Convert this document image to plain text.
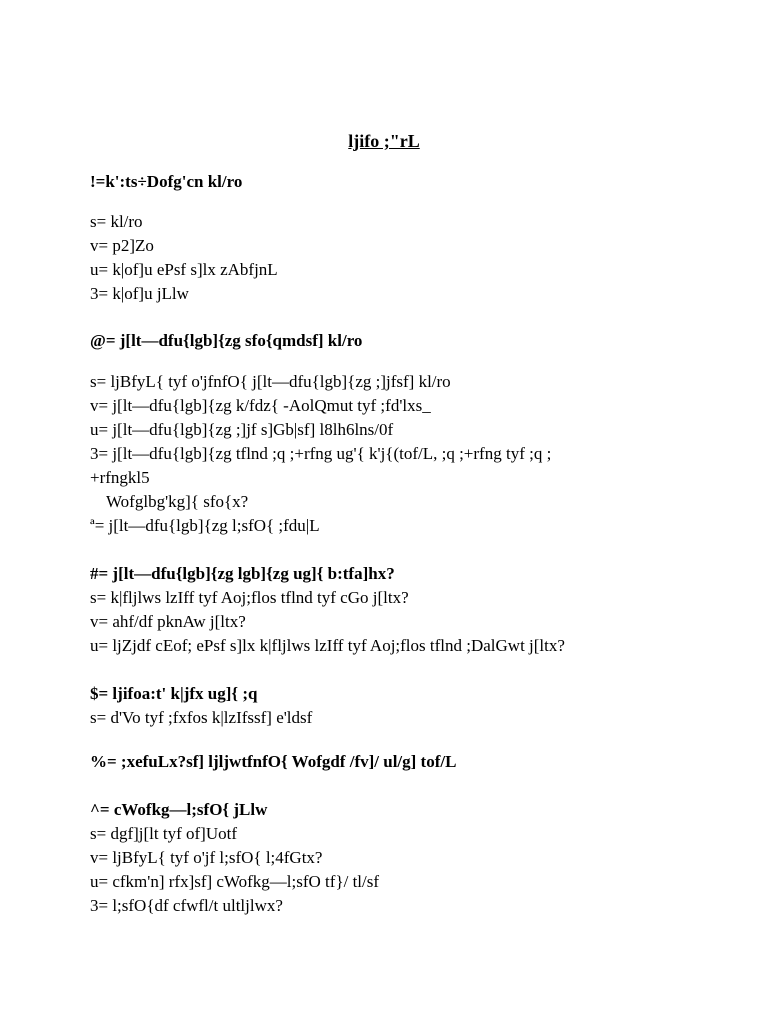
ljifo ;"rL
!=k':ts÷Dofg'cn kl/ro
s= kl/ro
v= p2]Zo
u= k|of]u ePsf s]lx zAbfjnL
3= k|of]u jLlw
@= j[lt—dfu{lgb]{zg sfo{qmdsf] kl/ro
s= ljBfyL{ tyf o'jfnfO{ j[lt—dfu{lgb]{zg ;]jfsf] kl/ro
v= j[lt—dfu{lgb]{zg k/fdz{ -AolQmut tyf ;fd'lxs_
u= j[lt—dfu{lgb]{zg ;]jf s]Gb|sf] l8lh6lns/0f
3= j[lt—dfu{lgb]{zg tflnd ;q ;+rfng ug'{ k'j{(tof/L, ;q ;+rfng tyf ;q ;
+rfngkl5
Wofglbg'kg]{ sfo{x?
ª= j[lt—dfu{lgb]{zg l;sfO{ ;fdu|L
#= j[lt—dfu{lgb]{zg lgb]{zg ug]{ b:tfa]hx?
s= k|fljlws lzIff tyf Aoj;flos tflnd tyf cGo j[ltx?
v= ahf/df pknAw j[ltx?
u= ljZjdf cEof; ePsf s]lx k|fljlws lzIff tyf Aoj;flos tflnd ;DalGwt j[ltx?
$= ljifoa:t' k|jfx ug]{ ;q
s= d'Vo tyf ;fxfos k|lzIfssf] e'ldsf
%= ;xefuLx?sf] ljljwtfnfO{ Wofgdf /fv]/ ul/g] tof/L
^= cWofkg—l;sfO{ jLlw
s= dgf]j[lt tyf of]Uotf
v= ljBfyL{ tyf o'jf l;sfO{ l;4fGtx?
u= cfkm'n] rfx]sf] cWofkg—l;sfO tf}/ tl/sf
3= l;sfO{df cfwfl/t ultljlwx?
